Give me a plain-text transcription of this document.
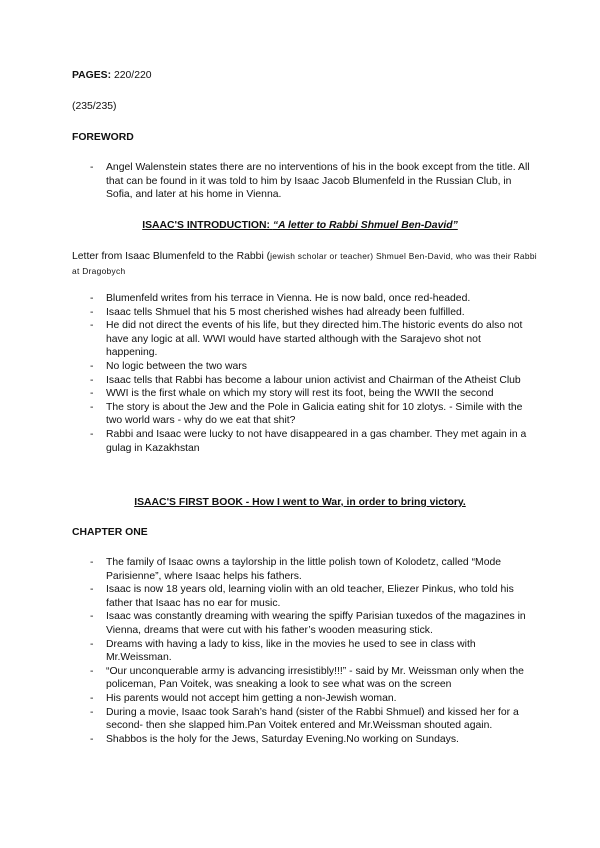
PAGES: 220/220
(235/235)
FOREWORD
- Angel Walenstein states there are no interventions of his in the book except from the title. All that can be found in it was told to him by Isaac Jacob Blumenfeld in the Russian Club, in Sofia, and later at his home in Vienna.
ISAAC'S INTRODUCTION: “A letter to Rabbi Shmuel Ben-David”
Letter from Isaac Blumenfeld to the Rabbi (jewish scholar or teacher) Shmuel Ben-David, who was their Rabbi at Dragobych
- Blumenfeld writes from his terrace in Vienna. He is now bald, once red-headed.
- Isaac tells Shmuel that his 5 most cherished wishes had already been fulfilled.
- He did not direct the events of his life, but they directed him.The historic events do also not have any logic at all. WWI would have started although with the Sarajevo shot not happening.
- No logic between the two wars
- Isaac tells that Rabbi has become a labour union activist and Chairman of the Atheist Club
- WWI is the first whale on which my story will rest its foot, being the WWII the second
- The story is about the Jew and the Pole in Galicia eating shit for 10 zlotys. - Simile with the two world wars - why do we eat that shit?
- Rabbi and Isaac were lucky to not have disappeared in a gas chamber. They met again in a gulag in Kazakhstan
ISAAC'S FIRST BOOK - How I went to War, in order to bring victory.
CHAPTER ONE
- The family of Isaac owns a taylorship in the little polish town of Kolodetz, called “Mode Parisienne”, where Isaac helps his fathers.
- Isaac is now 18 years old, learning violin with an old teacher, Eliezer Pinkus, who told his father that Isaac has no ear for music.
- Isaac was constantly dreaming with wearing the spiffy Parisian tuxedos of the magazines in Vienna, dreams that were cut with his father’s wooden measuring stick.
- Dreams with having a lady to kiss, like in the movies he used to see in class with Mr.Weissman.
- “Our unconquerable army is advancing irresistibly!!!” - said by Mr. Weissman only when the policeman, Pan Voitek, was sneaking a look to see what was on the screen
- His parents would not accept him getting a non-Jewish woman.
- During a movie, Isaac took Sarah’s hand (sister of the Rabbi Shmuel) and kissed her for a second- then she slapped him.Pan Voitek entered and Mr.Weissman shouted again.
- Shabbos is the holy for the Jews, Saturday Evening.No working on Sundays.
